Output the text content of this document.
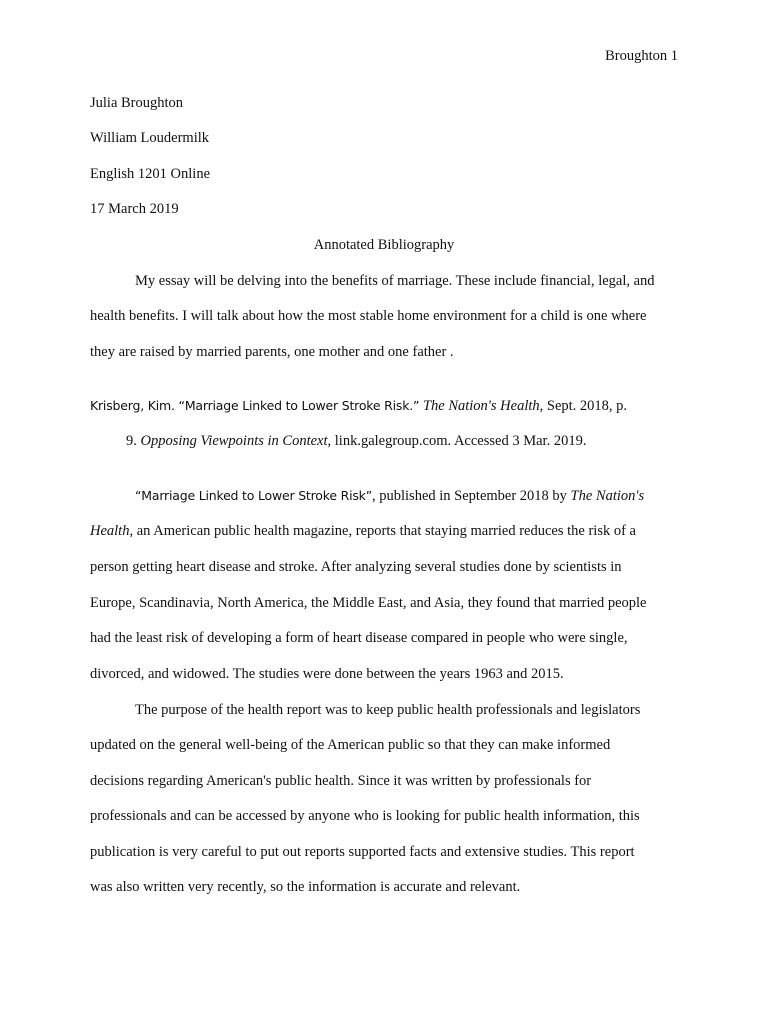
Broughton 1
Julia Broughton
William Loudermilk
English 1201 Online
17 March 2019
Annotated Bibliography
My essay will be delving into the benefits of marriage. These include financial, legal, and
health benefits. I will talk about how the most stable home environment for a child is one where
they are raised by married parents, one mother and one father .
Krisberg, Kim. “Marriage Linked to Lower Stroke Risk.” The Nation's Health, Sept. 2018, p.
9. Opposing Viewpoints in Context, link.galegroup.com. Accessed 3 Mar. 2019.
“Marriage Linked to Lower Stroke Risk”, published in September 2018 by The Nation's
Health, an American public health magazine, reports that staying married reduces the risk of a
person getting heart disease and stroke. After analyzing several studies done by scientists in
Europe, Scandinavia, North America, the Middle East, and Asia, they found that married people
had the least risk of developing a form of heart disease compared in people who were single,
divorced, and widowed. The studies were done between the years 1963 and 2015.
The purpose of the health report was to keep public health professionals and legislators
updated on the general well-being of the American public so that they can make informed
decisions regarding American's public health. Since it was written by professionals for
professionals and can be accessed by anyone who is looking for public health information, this
publication is very careful to put out reports supported facts and extensive studies. This report
was also written very recently, so the information is accurate and relevant.
